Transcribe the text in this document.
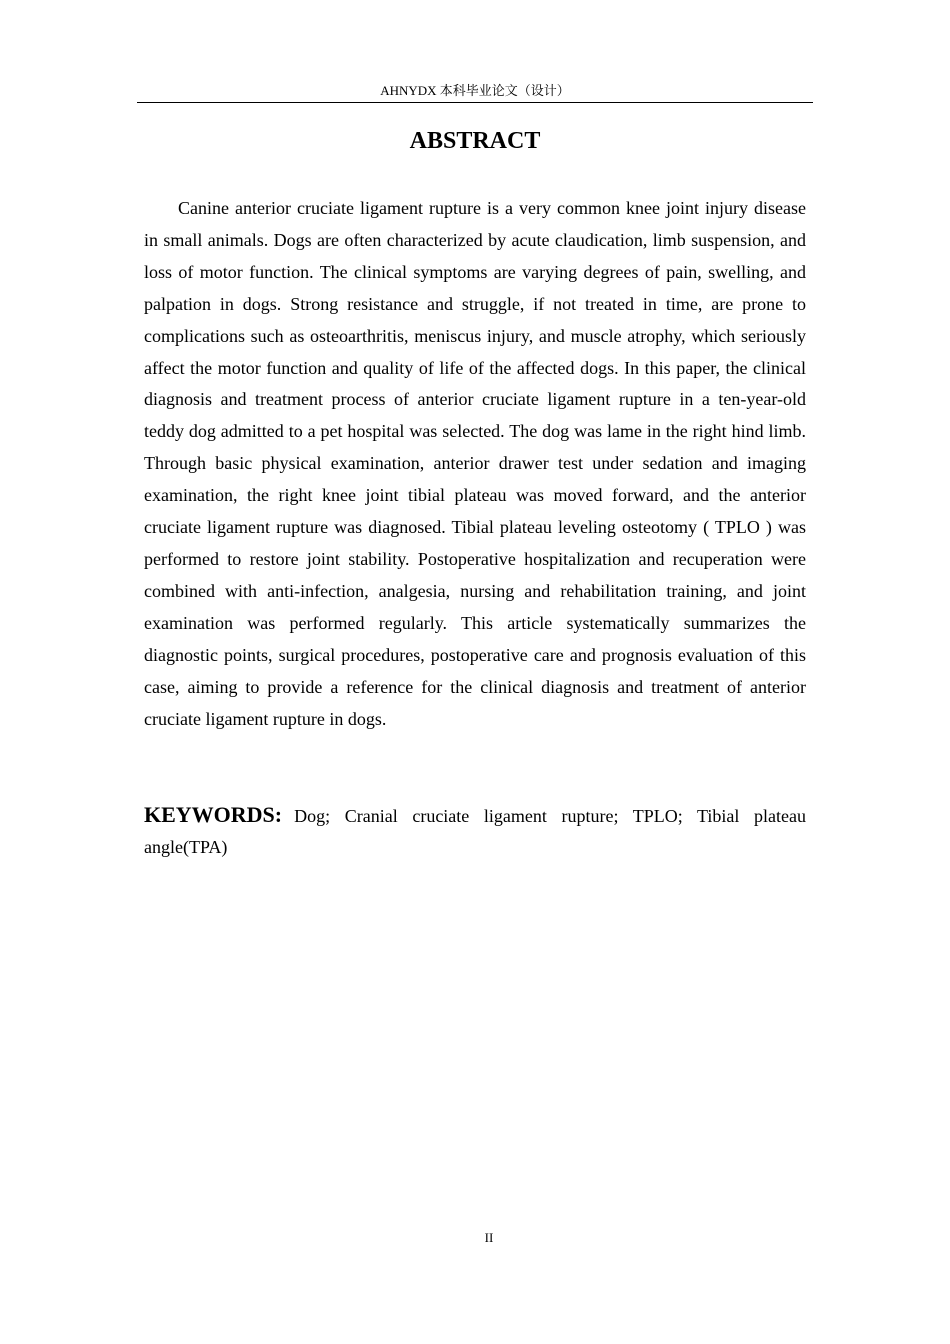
AHNYDX 本科毕业论文（设计）
ABSTRACT

Canine anterior cruciate ligament rupture is a very common knee joint injury disease in small animals. Dogs are often characterized by acute claudication, limb suspension, and loss of motor function. The clinical symptoms are varying degrees of pain, swelling, and palpation in dogs. Strong resistance and struggle, if not treated in time, are prone to complications such as osteoarthritis, meniscus injury, and muscle atrophy, which seriously affect the motor function and quality of life of the affected dogs. In this paper, the clinical diagnosis and treatment process of anterior cruciate ligament rupture in a ten-year-old teddy dog admitted to a pet hospital was selected. The dog was lame in the right hind limb. Through basic physical examination, anterior drawer test under sedation and imaging examination, the right knee joint tibial plateau was moved forward, and the anterior cruciate ligament rupture was diagnosed. Tibial plateau leveling osteotomy ( TPLO ) was performed to restore joint stability. Postoperative hospitalization and recuperation were combined with anti-infection, analgesia, nursing and rehabilitation training, and joint examination was performed regularly. This article systematically summarizes the diagnostic points, surgical procedures, postoperative care and prognosis evaluation of this case, aiming to provide a reference for the clinical diagnosis and treatment of anterior cruciate ligament rupture in dogs.

KEYWORDS: Dog; Cranial cruciate ligament rupture; TPLO; Tibial plateau angle(TPA)

II
